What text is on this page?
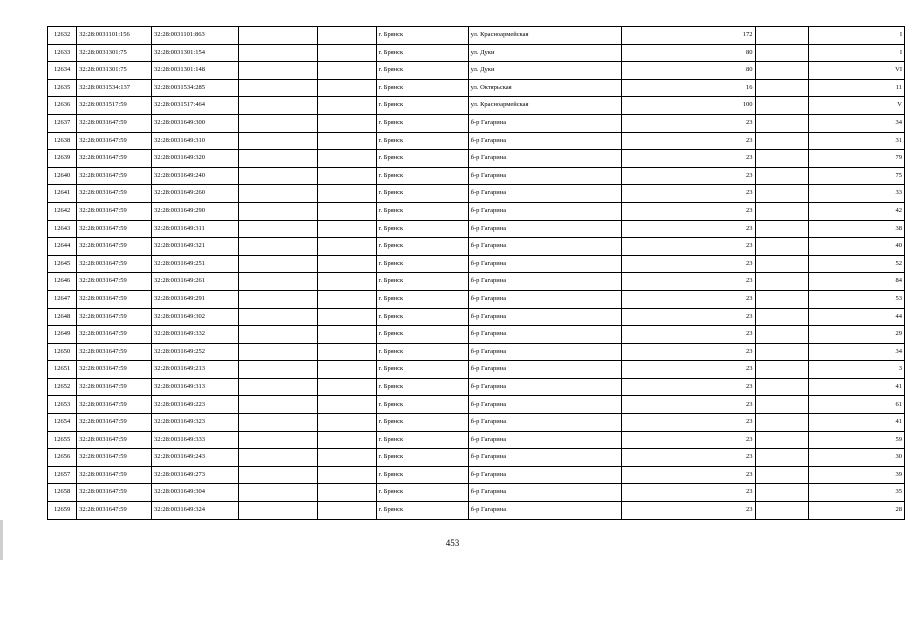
12632	32:28:0031101:156	32:28:0031101:863			г. Брянск	ул. Красноармейская	172		I
12633	32:28:0031301:75	32:28:0031301:154			г. Брянск	ул. Дуки	80		I
12634	32:28:0031301:75	32:28:0031301:148			г. Брянск	ул. Дуки	80		VI
12635	32:28:0031534:137	32:28:0031534:285			г. Брянск	ул. Октярьская	16		11
12636	32:28:0031517:59	32:28:0031517:464			г. Брянск	ул. Красноармейская	100		V
12637	32:28:0031647:59	32:28:0031649:300			г. Брянск	б-р Гагарина	23		34
12638	32:28:0031647:59	32:28:0031649:310			г. Брянск	б-р Гагарина	23		31
12639	32:28:0031647:59	32:28:0031649:320			г. Брянск	б-р Гагарина	23		79
12640	32:28:0031647:59	32:28:0031649:240			г. Брянск	б-р Гагарина	23		75
12641	32:28:0031647:59	32:28:0031649:260			г. Брянск	б-р Гагарина	23		33
12642	32:28:0031647:59	32:28:0031649:290			г. Брянск	б-р Гагарина	23		42
12643	32:28:0031647:59	32:28:0031649:311			г. Брянск	б-р Гагарина	23		38
12644	32:28:0031647:59	32:28:0031649:321			г. Брянск	б-р Гагарина	23		40
12645	32:28:0031647:59	32:28:0031649:251			г. Брянск	б-р Гагарина	23		52
12646	32:28:0031647:59	32:28:0031649:261			г. Брянск	б-р Гагарина	23		84
12647	32:28:0031647:59	32:28:0031649:291			г. Брянск	б-р Гагарина	23		53
12648	32:28:0031647:59	32:28:0031649:302			г. Брянск	б-р Гагарина	23		44
12649	32:28:0031647:59	32:28:0031649:332			г. Брянск	б-р Гагарина	23		29
12650	32:28:0031647:59	32:28:0031649:252			г. Брянск	б-р Гагарина	23		34
12651	32:28:0031647:59	32:28:0031649:213			г. Брянск	б-р Гагарина	23		3
12652	32:28:0031647:59	32:28:0031649:313			г. Брянск	б-р Гагарина	23		41
12653	32:28:0031647:59	32:28:0031649:223			г. Брянск	б-р Гагарина	23		61
12654	32:28:0031647:59	32:28:0031649:323			г. Брянск	б-р Гагарина	23		41
12655	32:28:0031647:59	32:28:0031649:333			г. Брянск	б-р Гагарина	23		59
12656	32:28:0031647:59	32:28:0031649:243			г. Брянск	б-р Гагарина	23		30
12657	32:28:0031647:59	32:28:0031649:273			г. Брянск	б-р Гагарина	23		39
12658	32:28:0031647:59	32:28:0031649:304			г. Брянск	б-р Гагарина	23		35
12659	32:28:0031647:59	32:28:0031649:324			г. Брянск	б-р Гагарина	23		28
453
